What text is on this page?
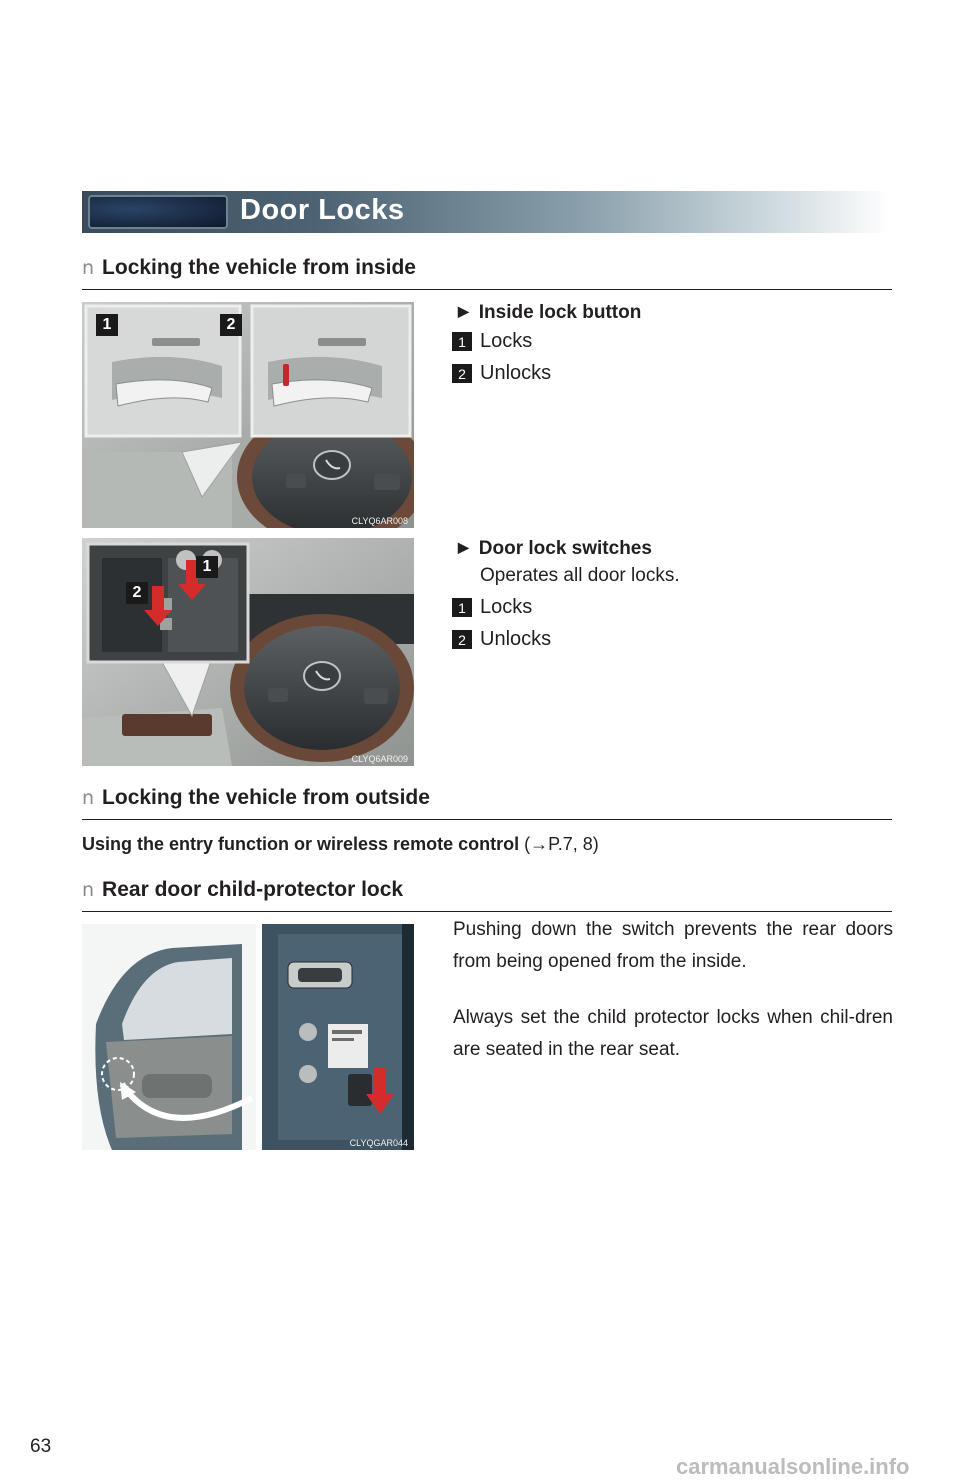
Door Locks
n Locking the vehicle from inside
1	2
CLYQ6AR008
▶ Inside lock button
1 Locks
2 Unlocks
1
2
CLYQ6AR009
▶ Door lock switches
Operates all door locks.
1 Locks
2 Unlocks
n Locking the vehicle from outside
Using the entry function or wireless remote control (→P.7, 8)
n Rear door child-protector lock
CLYQGAR044
Pushing down the switch prevents the rear doors from being opened from the inside.
Always set the child protector locks when chil-dren are seated in the rear seat.
63
carmanualsonline.info
